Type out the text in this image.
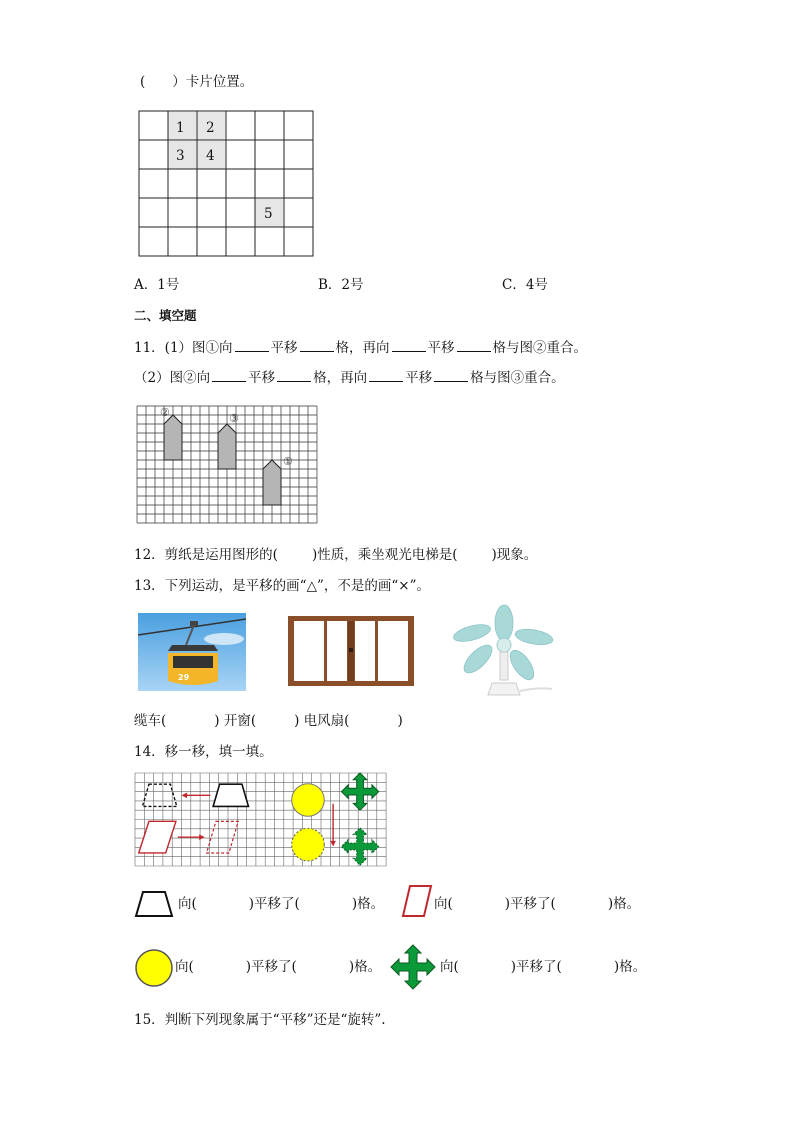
(　　）卡片位置。
1 2
3 4
5
A．1号	B．2号	C．4号
二、填空题
11．(1）图①向	平移	格，再向	平移	格与图②重合。
（2）图②向	平移	格，再向	平移	格与图③重合。
②	③
①
12．剪纸是运用图形的(	)性质，乘坐观光电梯是(	)现象。
13．下列运动，是平移的画“△”，不是的画“×”。
29
缆车(	) 开窗(	) 电风扇(	)
14．移一移，填一填。
向(	)平移了(	)格。	向(	)平移了(	)格。
向(	)平移了(	)格。	向(	)平移了(	)格。
15．判断下列现象属于“平移”还是“旋转”.
